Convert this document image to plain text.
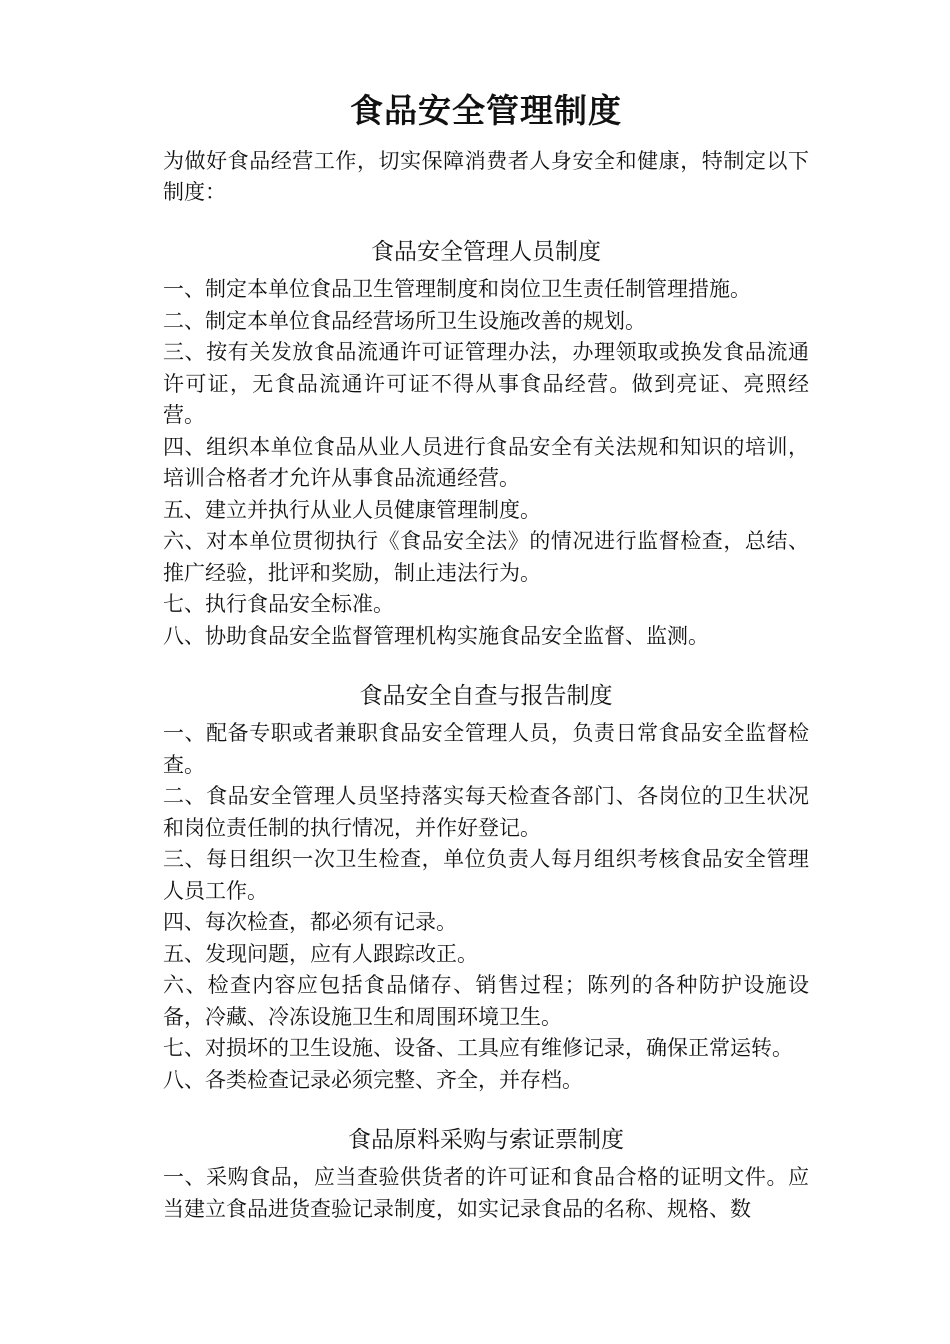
食品安全管理制度

为做好食品经营工作，切实保障消费者人身安全和健康，特制定以下制度：

食品安全管理人员制度

一、制定本单位食品卫生管理制度和岗位卫生责任制管理措施。

二、制定本单位食品经营场所卫生设施改善的规划。

三、按有关发放食品流通许可证管理办法，办理领取或换发食品流通许可证，无食品流通许可证不得从事食品经营。做到亮证、亮照经营。

四、组织本单位食品从业人员进行食品安全有关法规和知识的培训，培训合格者才允许从事食品流通经营。

五、建立并执行从业人员健康管理制度。

六、对本单位贯彻执行《食品安全法》的情况进行监督检查，总结、推广经验，批评和奖励，制止违法行为。

七、执行食品安全标准。

八、协助食品安全监督管理机构实施食品安全监督、监测。

食品安全自查与报告制度

一、配备专职或者兼职食品安全管理人员，负责日常食品安全监督检查。

二、食品安全管理人员坚持落实每天检查各部门、各岗位的卫生状况和岗位责任制的执行情况，并作好登记。

三、每日组织一次卫生检查，单位负责人每月组织考核食品安全管理人员工作。

四、每次检查，都必须有记录。

五、发现问题，应有人跟踪改正。

六、检查内容应包括食品储存、销售过程；陈列的各种防护设施设备，冷藏、冷冻设施卫生和周围环境卫生。

七、对损坏的卫生设施、设备、工具应有维修记录，确保正常运转。

八、各类检查记录必须完整、齐全，并存档。

食品原料采购与索证票制度

一、采购食品，应当查验供货者的许可证和食品合格的证明文件。应当建立食品进货查验记录制度，如实记录食品的名称、规格、数
